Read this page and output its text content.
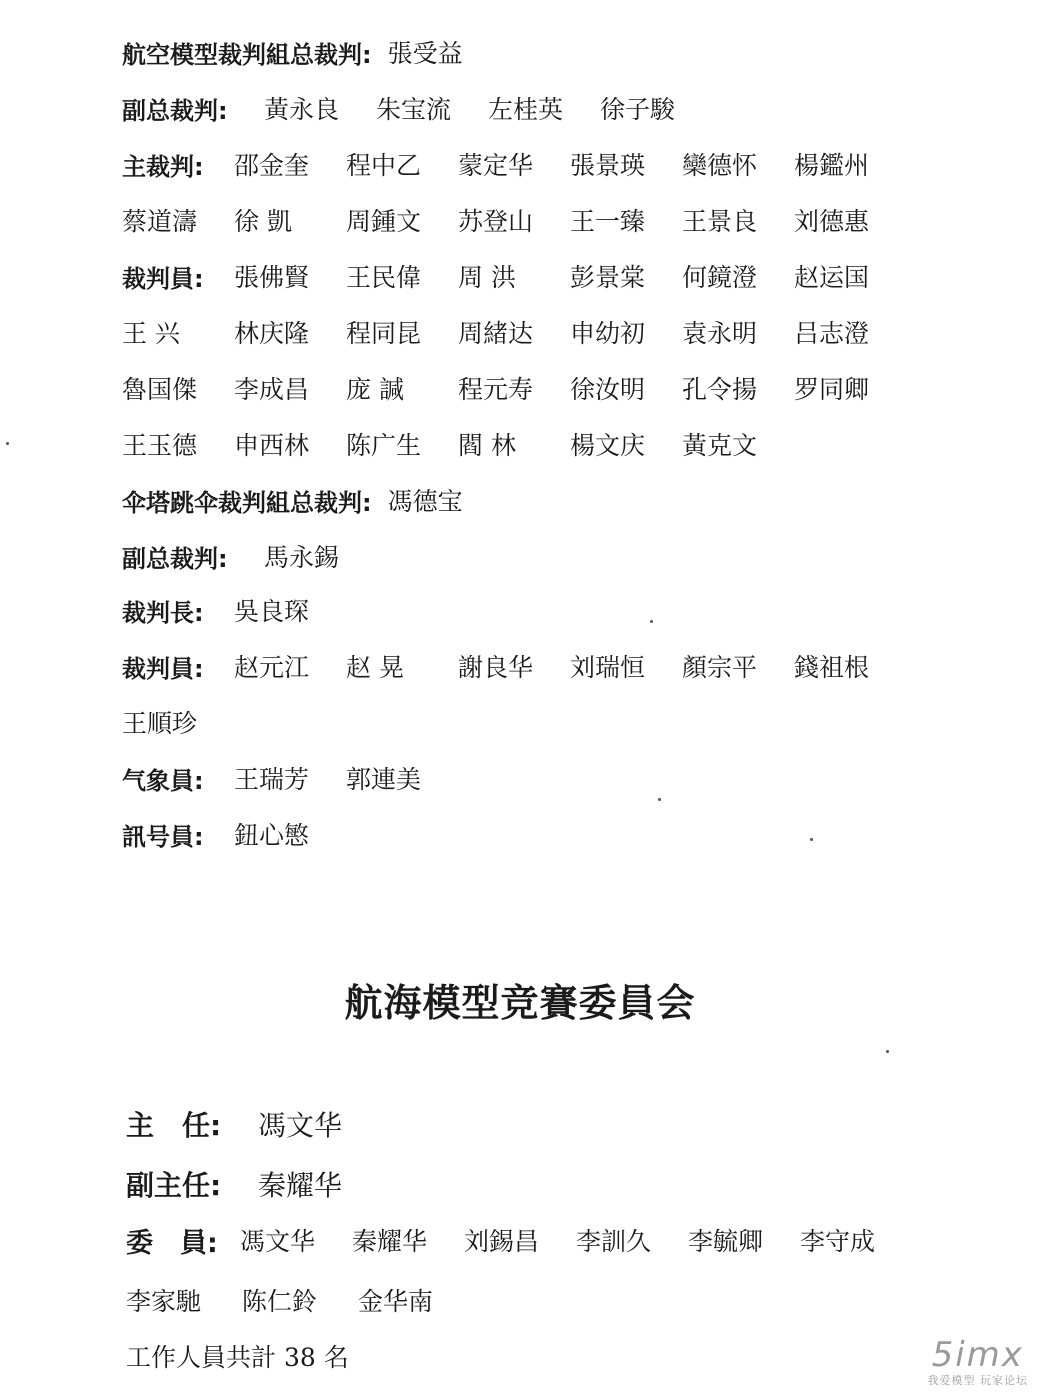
航空模型裁判組总裁判: 張受益
副总裁判:	黃永良	朱宝流	左桂英	徐子駿
主裁判:	邵金奎	程中乙	蒙定华	張景瑛	欒德怀	楊鑑州
蔡道濤	徐 凱	周鍾文	苏登山	王一臻	王景良	刘德惠
裁判員:	張佛賢	王民偉	周 洪	彭景棠	何鏡澄	赵运国
王 兴	林庆隆	程同昆	周緒达	申幼初	袁永明	吕志澄
魯国傑	李成昌	庞 諴	程元寿	徐汝明	孔令揚	罗同卿
王玉德	申西林	陈广生	閻 林	楊文庆	黃克文
伞塔跳伞裁判組总裁判: 馮德宝
副总裁判:	馬永錫
裁判長:	吳良琛
裁判員:	赵元江	赵 晃	謝良华	刘瑞恒	顏宗平	錢祖根
王順珍
气象員:	王瑞芳	郭連美
訊号員:	鈕心慜
航海模型竞賽委員会
主　任:	馮文华
副主任:	秦耀华
委　員: 馮文华	秦耀华	刘錫昌	李訓久	李毓卿	李守成
李家馳	陈仁鈴	金华南
工作人員共計 38 名	5imx
我爱模型 玩家论坛
